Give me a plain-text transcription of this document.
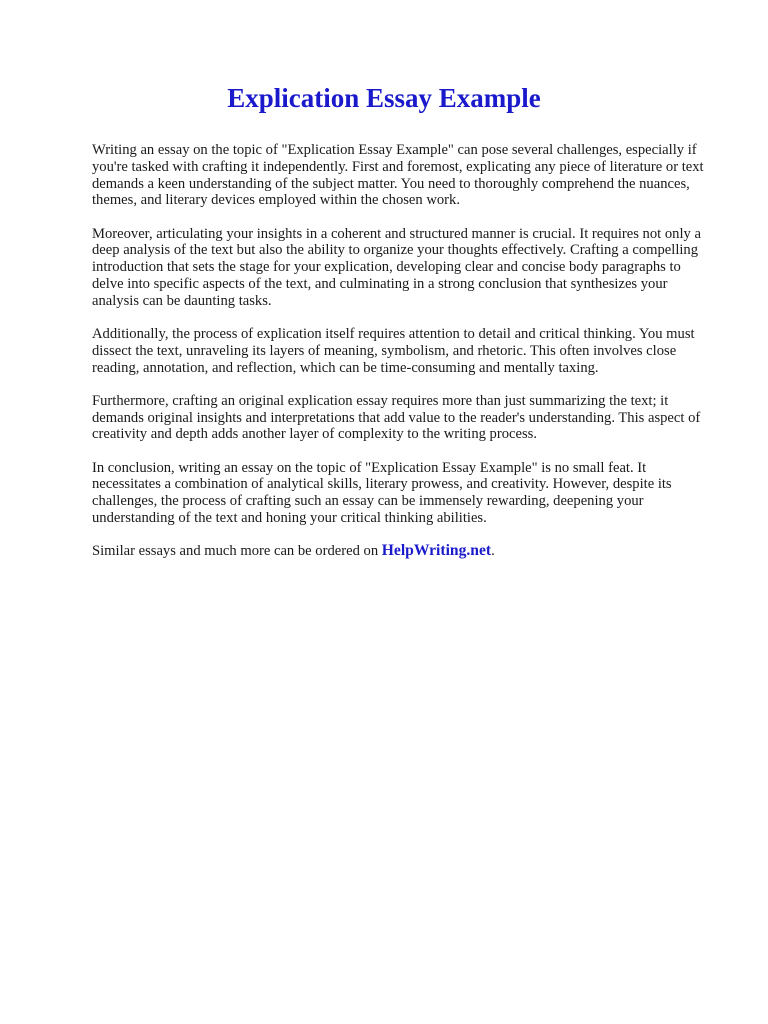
Explication Essay Example

Writing an essay on the topic of "Explication Essay Example" can pose several challenges, especially if you're tasked with crafting it independently. First and foremost, explicating any piece of literature or text demands a keen understanding of the subject matter. You need to thoroughly comprehend the nuances, themes, and literary devices employed within the chosen work.

Moreover, articulating your insights in a coherent and structured manner is crucial. It requires not only a deep analysis of the text but also the ability to organize your thoughts effectively. Crafting a compelling introduction that sets the stage for your explication, developing clear and concise body paragraphs to delve into specific aspects of the text, and culminating in a strong conclusion that synthesizes your analysis can be daunting tasks.

Additionally, the process of explication itself requires attention to detail and critical thinking. You must dissect the text, unraveling its layers of meaning, symbolism, and rhetoric. This often involves close reading, annotation, and reflection, which can be time-consuming and mentally taxing.

Furthermore, crafting an original explication essay requires more than just summarizing the text; it demands original insights and interpretations that add value to the reader's understanding. This aspect of creativity and depth adds another layer of complexity to the writing process.

In conclusion, writing an essay on the topic of "Explication Essay Example" is no small feat. It necessitates a combination of analytical skills, literary prowess, and creativity. However, despite its challenges, the process of crafting such an essay can be immensely rewarding, deepening your understanding of the text and honing your critical thinking abilities.

Similar essays and much more can be ordered on HelpWriting.net.
